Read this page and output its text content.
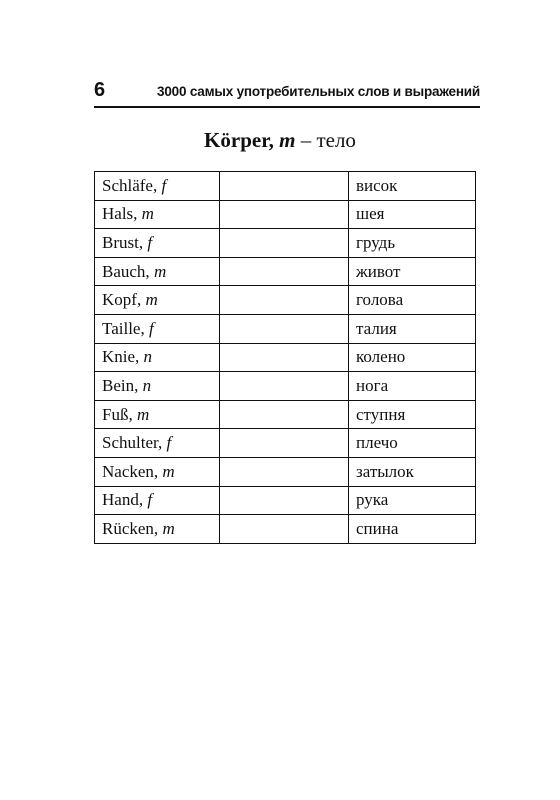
6	3000 самых употребительных слов и выражений
Körper, m – тело
Schläfe, f		висок
Hals, m		шея
Brust, f		грудь
Bauch, m		живот
Kopf, m		голова
Taille, f		талия
Knie, n		колено
Bein, n		нога
Fuß, m		ступня
Schulter, f		плечо
Nacken, m		затылок
Hand, f		рука
Rücken, m		спина
